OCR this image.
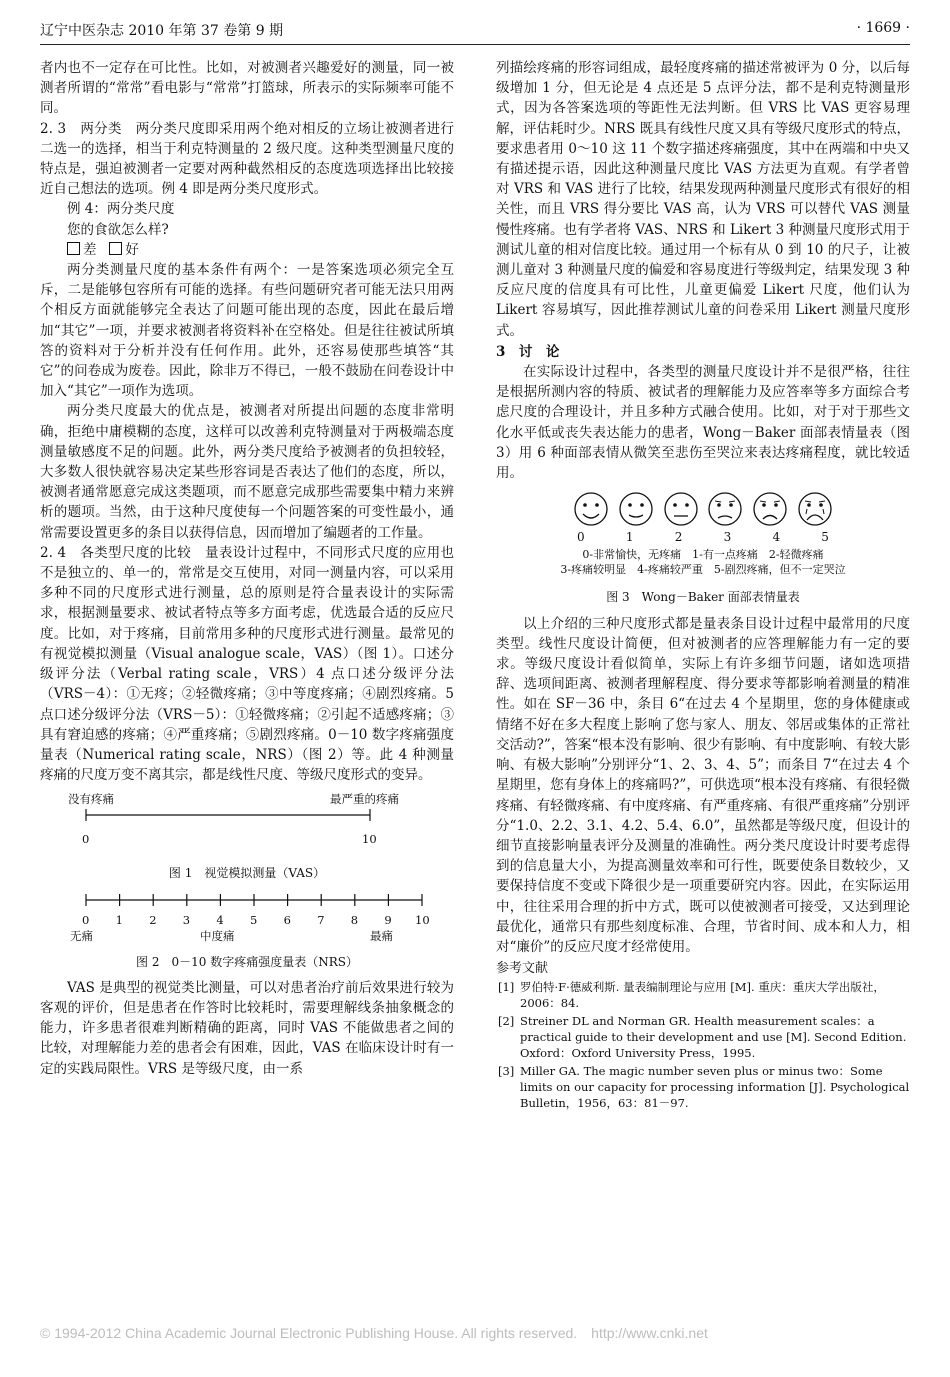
辽宁中医杂志 2010 年第 37 卷第 9 期	· 1669 ·

者内也不一定存在可比性。比如，对被测者兴趣爱好的测量，同一被测者所谓的“常常”看电影与“常常”打篮球，所表示的实际频率可能不同。

2. 3　两分类　两分类尺度即采用两个绝对相反的立场让被测者进行二选一的选择，相当于利克特测量的 2 级尺度。这种类型测量尺度的特点是，强迫被测者一定要对两种截然相反的态度选项选择出比较接近自己想法的选项。例 4 即是两分类尺度形式。

例 4：两分类尺度

您的食欲怎么样?

差 好

两分类测量尺度的基本条件有两个：一是答案选项必须完全互斥，二是能够包容所有可能的选择。有些问题研究者可能无法只用两个相反方面就能够完全表达了问题可能出现的态度，因此在最后增加“其它”一项，并要求被测者将资料补在空格处。但是往往被试所填答的资料对于分析并没有任何作用。此外，还容易使那些填答“其它”的问卷成为废卷。因此，除非万不得已，一般不鼓励在问卷设计中加入“其它”一项作为选项。

两分类尺度最大的优点是，被测者对所提出问题的态度非常明确，拒绝中庸模糊的态度，这样可以改善利克特测量对于两极端态度测量敏感度不足的问题。此外，两分类尺度给予被测者的负担较轻，大多数人很快就容易决定某些形容词是否表达了他们的态度，所以，被测者通常愿意完成这类题项，而不愿意完成那些需要集中精力来辨析的题项。当然，由于这种尺度使每一个问题答案的可变性最小，通常需要设置更多的条目以获得信息，因而增加了编题者的工作量。

2. 4　各类型尺度的比较　量表设计过程中，不同形式尺度的应用也不是独立的、单一的，常常是交互使用，对同一测量内容，可以采用多种不同的尺度形式进行测量，总的原则是符合量表设计的实际需求，根据测量要求、被试者特点等多方面考虑，优选最合适的反应尺度。比如，对于疼痛，目前常用多种的尺度形式进行测量。最常见的有视觉模拟测量（Visual analogue scale，VAS）（图 1）。口述分级评分法（Verbal rating scale，VRS）4 点口述分级评分法（VRS－4）：①无疼；②轻微疼痛；③中等度疼痛；④剧烈疼痛。5 点口述分级评分法（VRS－5）：①轻微疼痛；②引起不适感疼痛；③具有窘迫感的疼痛；④严重疼痛；⑤剧烈疼痛。0－10 数字疼痛强度量表（Numerical rating scale，NRS）（图 2）等。此 4 种测量疼痛的尺度万变不离其宗，都是线性尺度、等级尺度形式的变异。

没有疼痛	最严重的疼痛
0	10
图 1　视觉模拟测量（VAS）
无痛	中度痛	最痛
0 1 2 3 4 5 6 7 8 9 10
图 2　0－10 数字疼痛强度量表（NRS）

VAS 是典型的视觉类比测量，可以对患者治疗前后效果进行较为客观的评价，但是患者在作答时比较耗时，需要理解线条抽象概念的能力，许多患者很难判断精确的距离，同时 VAS 不能做患者之间的比较，对理解能力差的患者会有困难，因此，VAS 在临床设计时有一定的实践局限性。VRS 是等级尺度，由一系

列描绘疼痛的形容词组成，最轻度疼痛的描述常被评为 0 分，以后每级增加 1 分，但无论是 4 点还是 5 点评分法，都不是利克特测量形式，因为各答案选项的等距性无法判断。但 VRS 比 VAS 更容易理解，评估耗时少。NRS 既具有线性尺度又具有等级尺度形式的特点，要求患者用 0～10 这 11 个数字描述疼痛强度，其中在两端和中央又有描述提示语，因此这种测量尺度比 VAS 方法更为直观。有学者曾对 VRS 和 VAS 进行了比较，结果发现两种测量尺度形式有很好的相关性，而且 VRS 得分要比 VAS 高，认为 VRS 可以替代 VAS 测量慢性疼痛。也有学者将 VAS、NRS 和 Likert 3 种测量尺度形式用于测试儿童的相对信度比较。通过用一个标有从 0 到 10 的尺子，让被测儿童对 3 种测量尺度的偏爱和容易度进行等级判定，结果发现 3 种反应尺度的信度具有可比性，儿童更偏爱 Likert 尺度，他们认为 Likert 容易填写，因此推荐测试儿童的问卷采用 Likert 测量尺度形式。

3　讨　论

在实际设计过程中，各类型的测量尺度设计并不是很严格，往往是根据所测内容的特质、被试者的理解能力及应答率等多方面综合考虑尺度的合理设计，并且多种方式融合使用。比如，对于对于那些文化水平低或丧失表达能力的患者，Wong－Baker 面部表情量表（图 3）用 6 种面部表情从微笑至悲伤至哭泣来表达疼痛程度，就比较适用。

0	1	2	3	4	5
0-非常愉快，无疼痛　1-有一点疼痛　2-轻微疼痛
3-疼痛较明显　4-疼痛较严重　5-剧烈疼痛，但不一定哭泣
图 3　Wong－Baker 面部表情量表

以上介绍的三种尺度形式都是量表条目设计过程中最常用的尺度类型。线性尺度设计简便，但对被测者的应答理解能力有一定的要求。等级尺度设计看似简单，实际上有许多细节问题，诸如选项措辞、选项间距离、被测者理解程度、得分要求等都影响着测量的精准性。如在 SF－36 中，条目 6“在过去 4 个星期里，您的身体健康或情绪不好在多大程度上影响了您与家人、朋友、邻居或集体的正常社交活动?”，答案“根本没有影响、很少有影响、有中度影响、有较大影响、有极大影响”分别评分“1、2、3、4、5”；而条目 7“在过去 4 个星期里，您有身体上的疼痛吗?”，可供选项“根本没有疼痛、有很轻微疼痛、有轻微疼痛、有中度疼痛、有严重疼痛、有很严重疼痛”分别评分“1.0、2.2、3.1、4.2、5.4、6.0”，虽然都是等级尺度，但设计的细节直接影响量表评分及测量的准确性。两分类尺度设计时要考虑得到的信息量大小，为提高测量效率和可行性，既要使条目数较少，又要保持信度不变或下降很少是一项重要研究内容。因此，在实际运用中，往往采用合理的折中方式，既可以使被测者可接受，又达到理论最优化，通常只有那些刻度标准、合理，节省时间、成本和人力，相对“廉价”的反应尺度才经常使用。

参考文献

[1] 罗伯特·F·德威利斯. 量表编制理论与应用 [M]. 重庆：重庆大学出版社，2006：84.
[2] Streiner DL and Norman GR. Health measurement scales：a practical guide to their development and use [M]. Second Edition. Oxford：Oxford University Press，1995.
[3] Miller GA. The magic number seven plus or minus two：Some limits on our capacity for processing information [J]. Psychological Bulletin，1956，63：81－97.
© 1994-2012 China Academic Journal Electronic Publishing House. All rights reserved.　http://www.cnki.net
